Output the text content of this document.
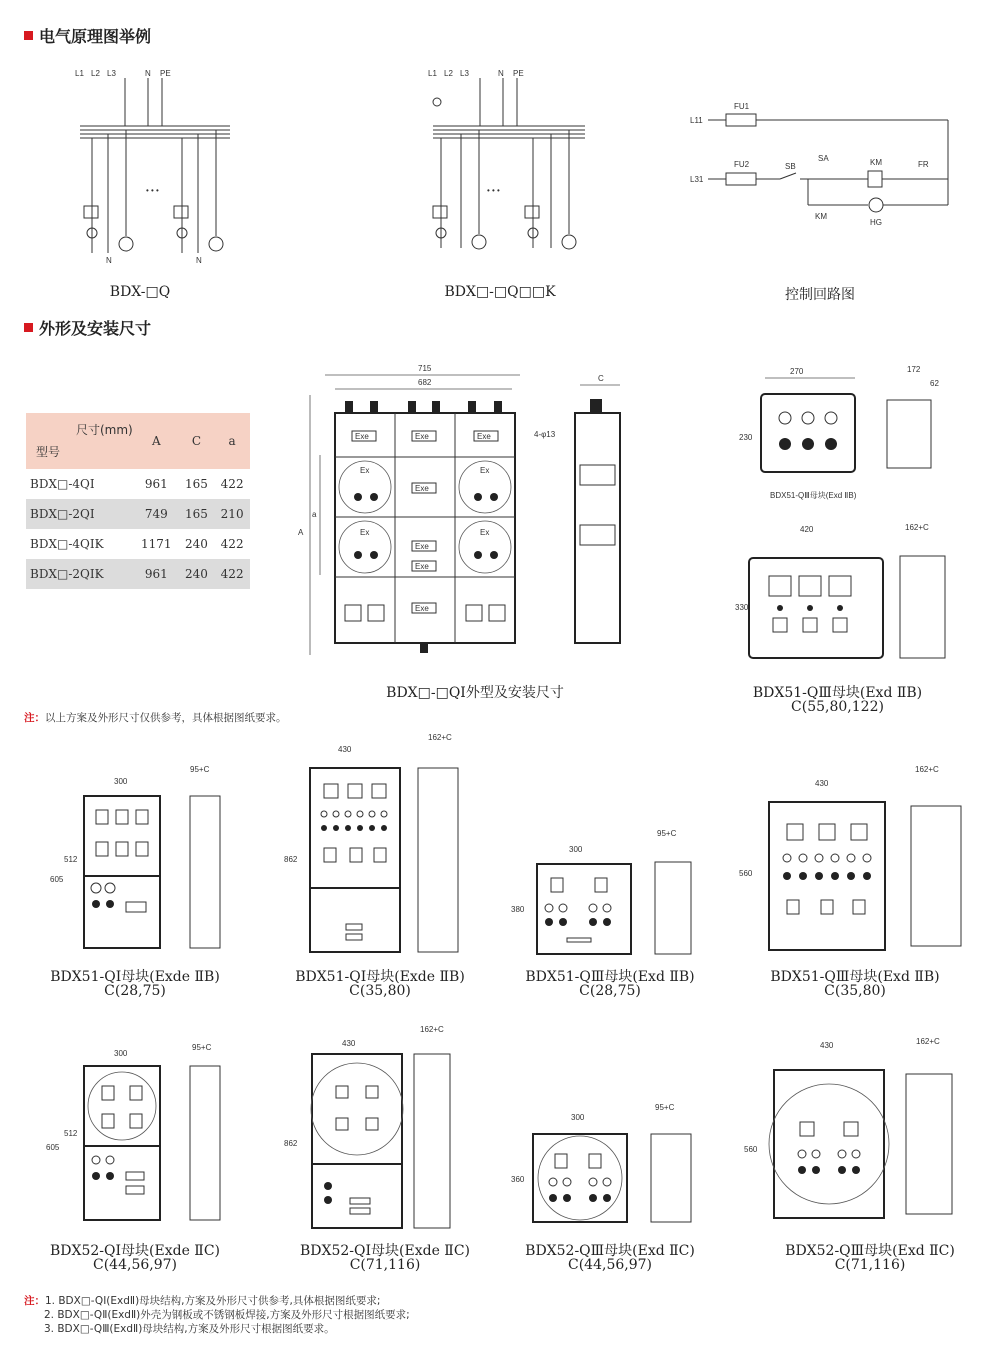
电气原理图举例
外形及安装尺寸
L1 L2 L3	N PE
N
• • •
N
BDX-□Q
L1 L2 L3	N PE
• • •
BDX□-□Q□□K
L11
FU1
L31
FU2	SB
SA	KM	FR
KM
HG
控制回路图
尺寸(mm)
型号	A	C	a
BDX□-4QⅠ	961	165	422
BDX□-2QⅠ	749	165	210
BDX□-4QⅠK	1171	240	422
BDX□-2QⅠK	961	240	422
715
682
4-φ13
A
a
C
Exe	Exe	Exe
Ex
Exe
Ex
Ex
Exe
Ex
Exe
Exe
BDX□-□QI外型及安装尺寸
270	172
62
230
BDX51-QⅢ母块(Exd ⅡB)
420	162+C
330
BDX51-QⅢ母块(Exd ⅡB)
C(55,80,122)
注：以上方案及外形尺寸仅供参考，具体根据图纸要求。
300
95+C
605
512
BDX51-QI母块(Exde ⅡB)
C(28,75)
430
162+C
862
BDX51-QI母块(Exde ⅡB)
C(35,80)
300
95+C
380
BDX51-QⅢ母块(Exd ⅡB)
C(28,75)
430
162+C
560
BDX51-QⅢ母块(Exd ⅡB)
C(35,80)
300
95+C
605
512
BDX52-QI母块(Exde ⅡC)
C(44,56,97)
430
162+C
862
BDX52-QI母块(Exde ⅡC)
C(71,116)
300
95+C
360
BDX52-QⅢ母块(Exd ⅡC)
C(44,56,97)
430	162+C
560
BDX52-QⅢ母块(Exd ⅡC)
C(71,116)
注：1. BDX□-QⅠ(ExdⅡ)母块结构,方案及外形尺寸供参考,具体根据图纸要求;
2. BDX□-QⅡ(ExdⅡ)外壳为钢板或不锈钢板焊接,方案及外形尺寸根据图纸要求;
3. BDX□-QⅢ(ExdⅡ)母块结构,方案及外形尺寸根据图纸要求。
